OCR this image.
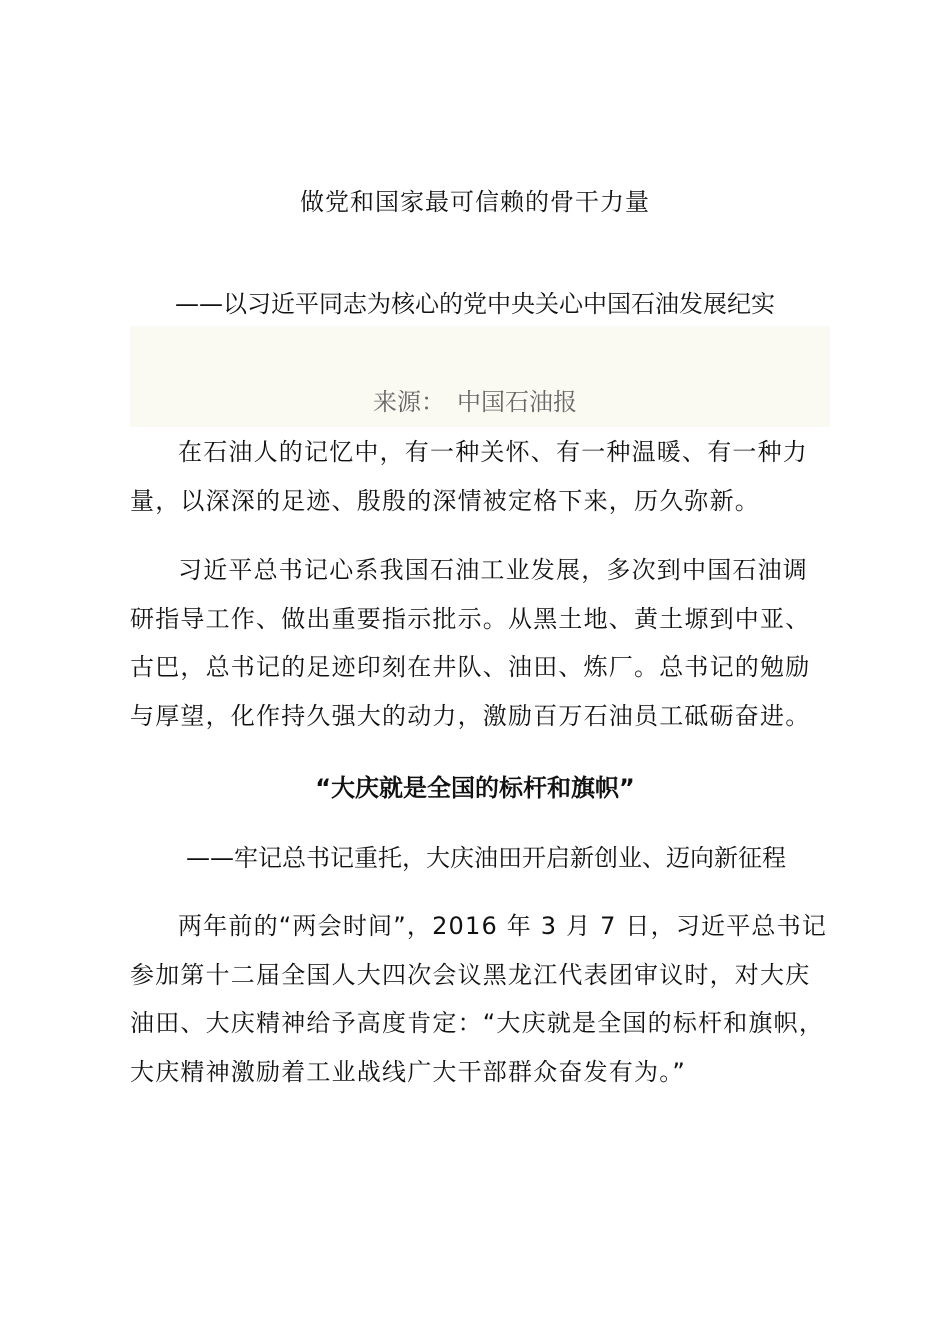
做党和国家最可信赖的骨干力量
——以习近平同志为核心的党中央关心中国石油发展纪实
来源： 中国石油报
在石油人的记忆中，有一种关怀、有一种温暖、有一种力
量，以深深的足迹、殷殷的深情被定格下来，历久弥新。
习近平总书记心系我国石油工业发展，多次到中国石油调
研指导工作、做出重要指示批示。从黑土地、黄土塬到中亚、
古巴，总书记的足迹印刻在井队、油田、炼厂。总书记的勉励
与厚望，化作持久强大的动力，激励百万石油员工砥砺奋进。
“大庆就是全国的标杆和旗帜”
——牢记总书记重托，大庆油田开启新创业、迈向新征程
两年前的“两会时间”，2016 年 3 月 7 日，习近平总书记
参加第十二届全国人大四次会议黑龙江代表团审议时，对大庆
油田、大庆精神给予高度肯定：“大庆就是全国的标杆和旗帜，
大庆精神激励着工业战线广大干部群众奋发有为。”
